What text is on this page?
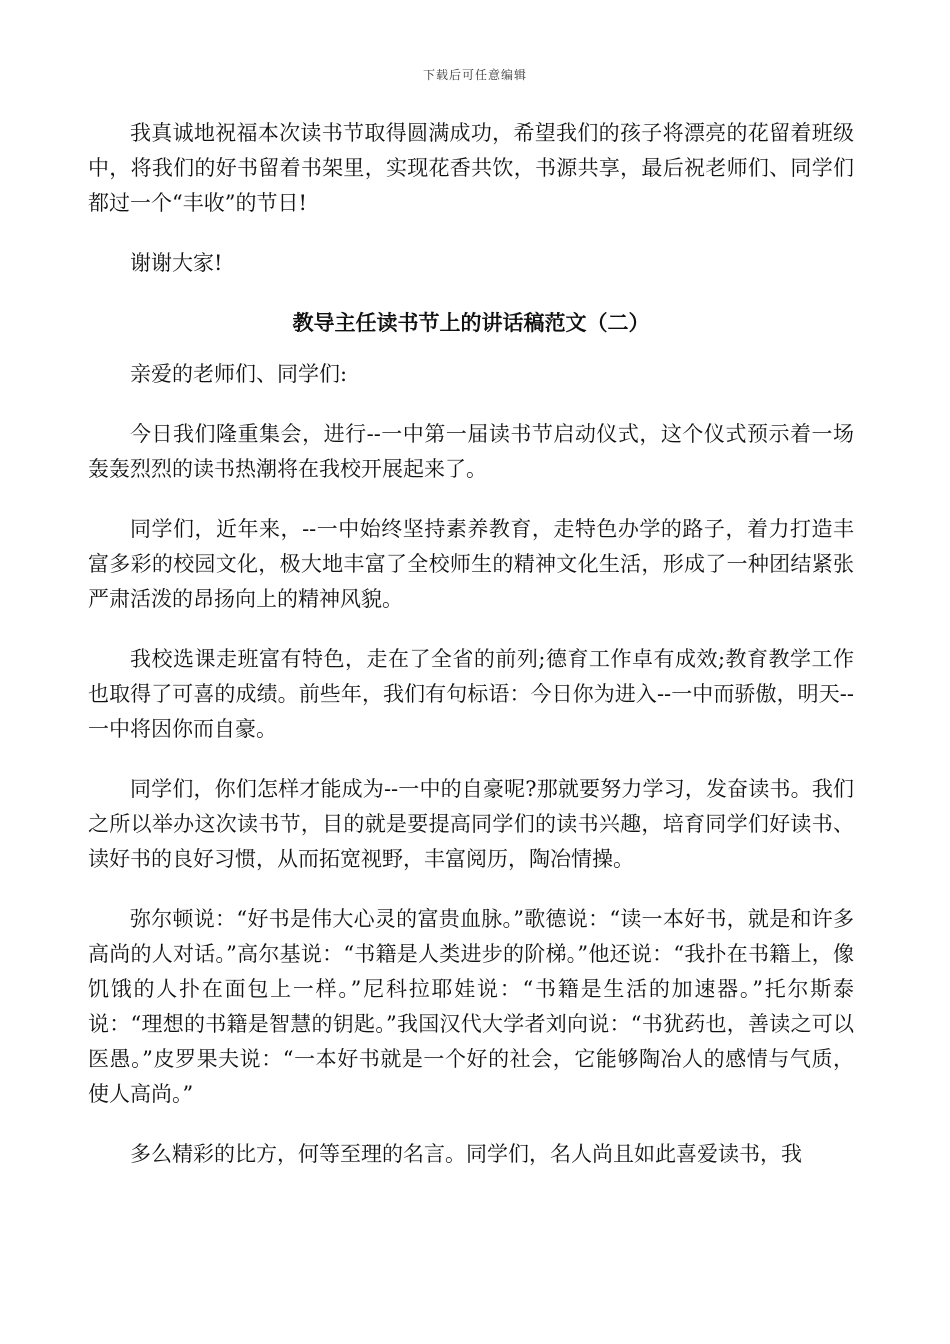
下载后可任意编辑

我真诚地祝福本次读书节取得圆满成功，希望我们的孩子将漂亮的花留着班级中，将我们的好书留着书架里，实现花香共饮，书源共享，最后祝老师们、同学们都过一个“丰收”的节日!

谢谢大家!

教导主任读书节上的讲话稿范文（二）

亲爱的老师们、同学们:

今日我们隆重集会，进行--一中第一届读书节启动仪式，这个仪式预示着一场轰轰烈烈的读书热潮将在我校开展起来了。

同学们，近年来，--一中始终坚持素养教育，走特色办学的路子，着力打造丰富多彩的校园文化，极大地丰富了全校师生的精神文化生活，形成了一种团结紧张严肃活泼的昂扬向上的精神风貌。

我校选课走班富有特色，走在了全省的前列;德育工作卓有成效;教育教学工作也取得了可喜的成绩。前些年，我们有句标语：今日你为进入--一中而骄傲，明天--一中将因你而自豪。

同学们，你们怎样才能成为--一中的自豪呢?那就要努力学习，发奋读书。我们之所以举办这次读书节，目的就是要提高同学们的读书兴趣，培育同学们好读书、读好书的良好习惯，从而拓宽视野，丰富阅历，陶冶情操。

弥尔顿说：“好书是伟大心灵的富贵血脉。”歌德说：“读一本好书，就是和许多高尚的人对话。”高尔基说：“书籍是人类进步的阶梯。”他还说：“我扑在书籍上，像饥饿的人扑在面包上一样。”尼科拉耶娃说：“书籍是生活的加速器。”托尔斯泰说：“理想的书籍是智慧的钥匙。”我国汉代大学者刘向说：“书犹药也，善读之可以医愚。”皮罗果夫说：“一本好书就是一个好的社会，它能够陶冶人的感情与气质，使人高尚。”

多么精彩的比方，何等至理的名言。同学们，名人尚且如此喜爱读书，我
